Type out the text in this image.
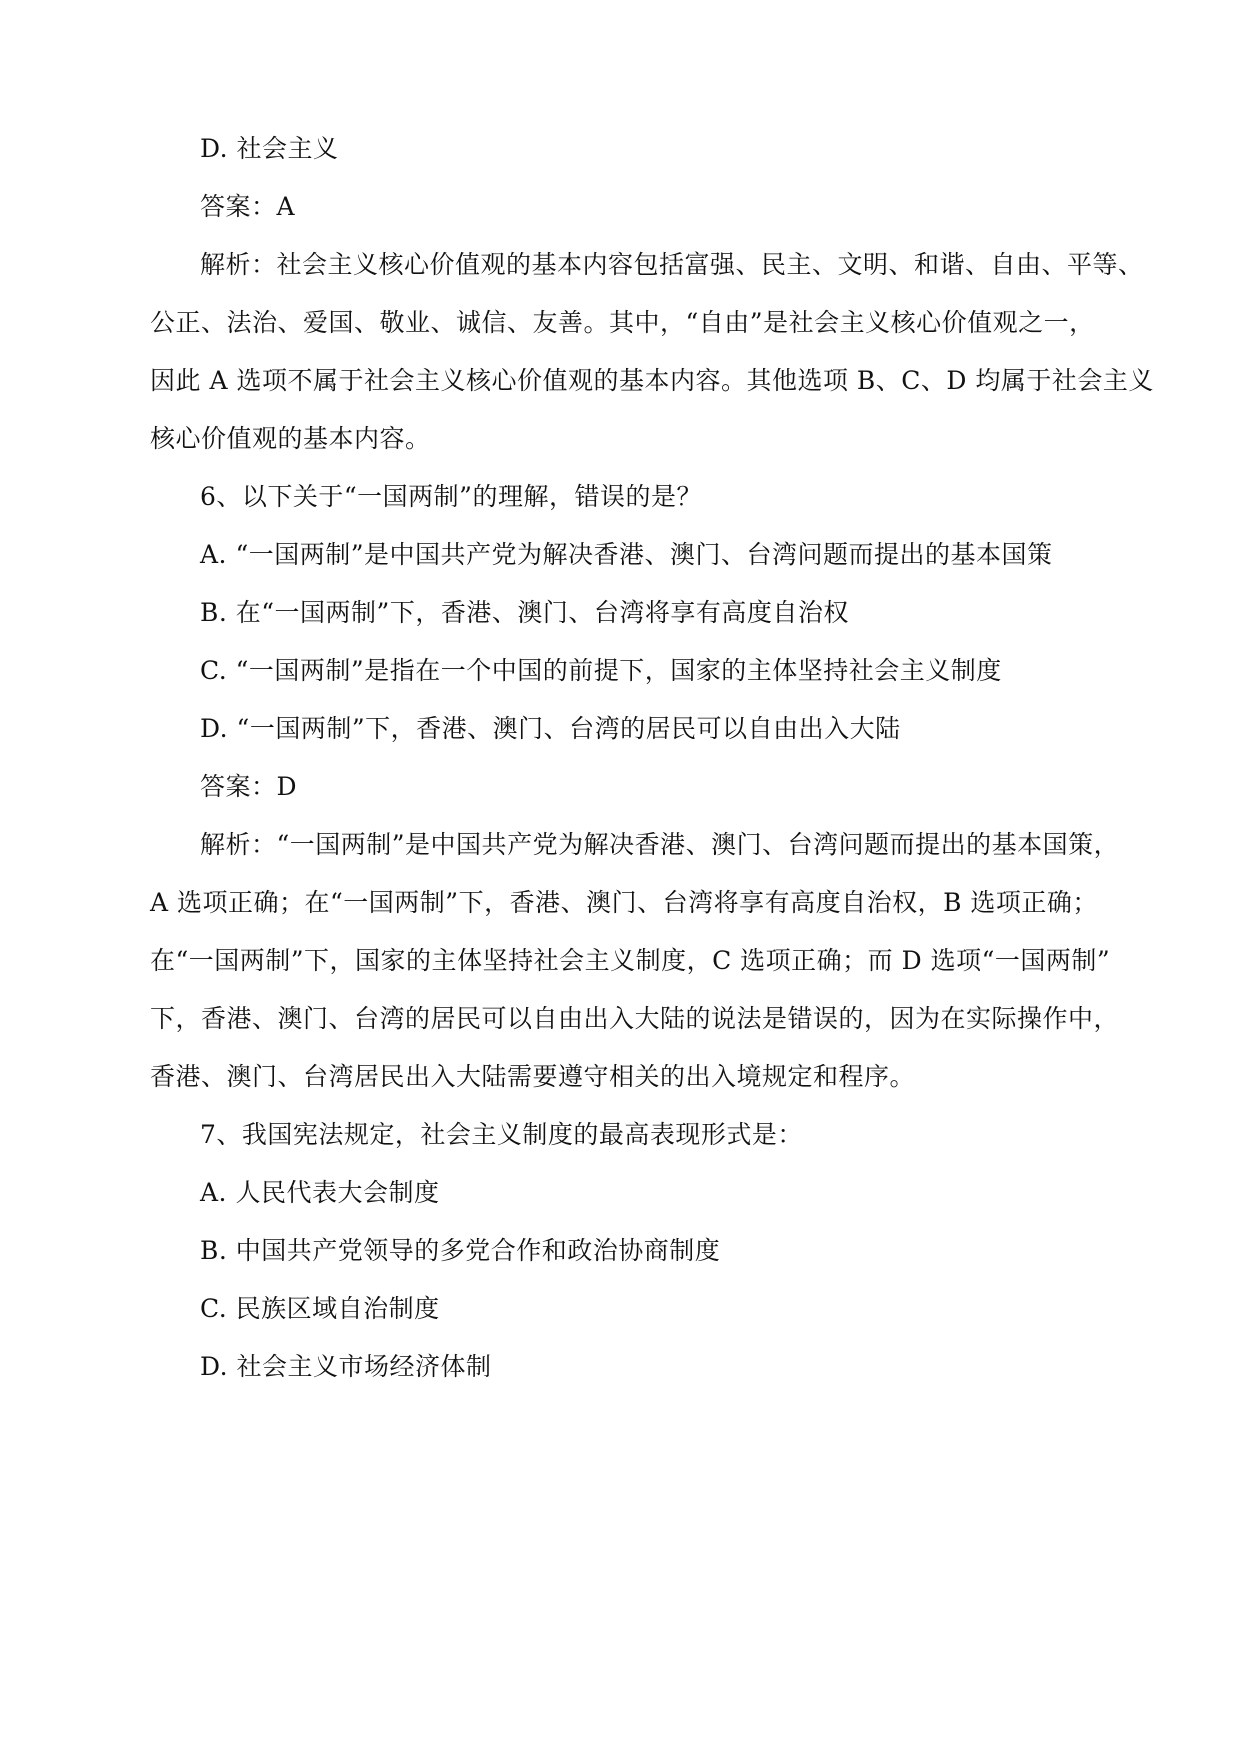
D. 社会主义
答案：A
解析：社会主义核心价值观的基本内容包括富强、民主、文明、和谐、自由、平等、
公正、法治、爱国、敬业、诚信、友善。其中，“自由”是社会主义核心价值观之一，
因此 A 选项不属于社会主义核心价值观的基本内容。其他选项 B、C、D 均属于社会主义
核心价值观的基本内容。
6、以下关于“一国两制”的理解，错误的是？
A. “一国两制”是中国共产党为解决香港、澳门、台湾问题而提出的基本国策
B. 在“一国两制”下，香港、澳门、台湾将享有高度自治权
C. “一国两制”是指在一个中国的前提下，国家的主体坚持社会主义制度
D. “一国两制”下，香港、澳门、台湾的居民可以自由出入大陆
答案：D
解析：“一国两制”是中国共产党为解决香港、澳门、台湾问题而提出的基本国策，
A 选项正确；在“一国两制”下，香港、澳门、台湾将享有高度自治权，B 选项正确；
在“一国两制”下，国家的主体坚持社会主义制度，C 选项正确；而 D 选项“一国两制”
下，香港、澳门、台湾的居民可以自由出入大陆的说法是错误的，因为在实际操作中，
香港、澳门、台湾居民出入大陆需要遵守相关的出入境规定和程序。
7、我国宪法规定，社会主义制度的最高表现形式是：
A. 人民代表大会制度
B. 中国共产党领导的多党合作和政治协商制度
C. 民族区域自治制度
D. 社会主义市场经济体制
